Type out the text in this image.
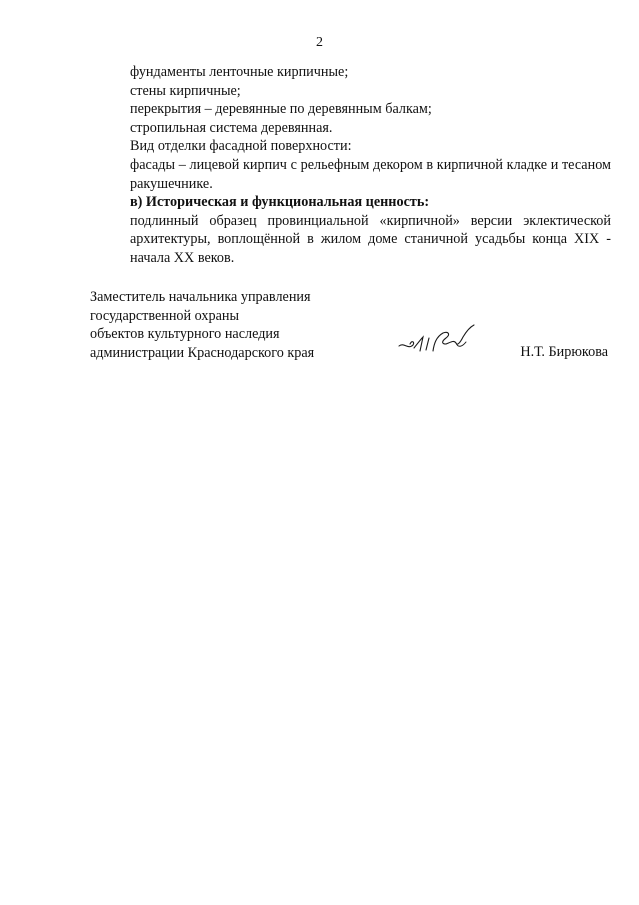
2
фундаменты ленточные кирпичные;
стены кирпичные;
перекрытия – деревянные по деревянным балкам;
стропильная система деревянная.
Вид отделки фасадной поверхности:
фасады – лицевой кирпич с рельефным декором в кирпичной кладке и тесаном ракушечнике.
в) Историческая и функциональная ценность:
подлинный образец провинциальной «кирпичной» версии эклектической архитектуры, воплощённой в жилом доме станичной усадьбы конца XIX - начала XX веков.
Заместитель начальника управления
государственной охраны
объектов культурного наследия
администрации Краснодарского края	Н.Т. Бирюкова
